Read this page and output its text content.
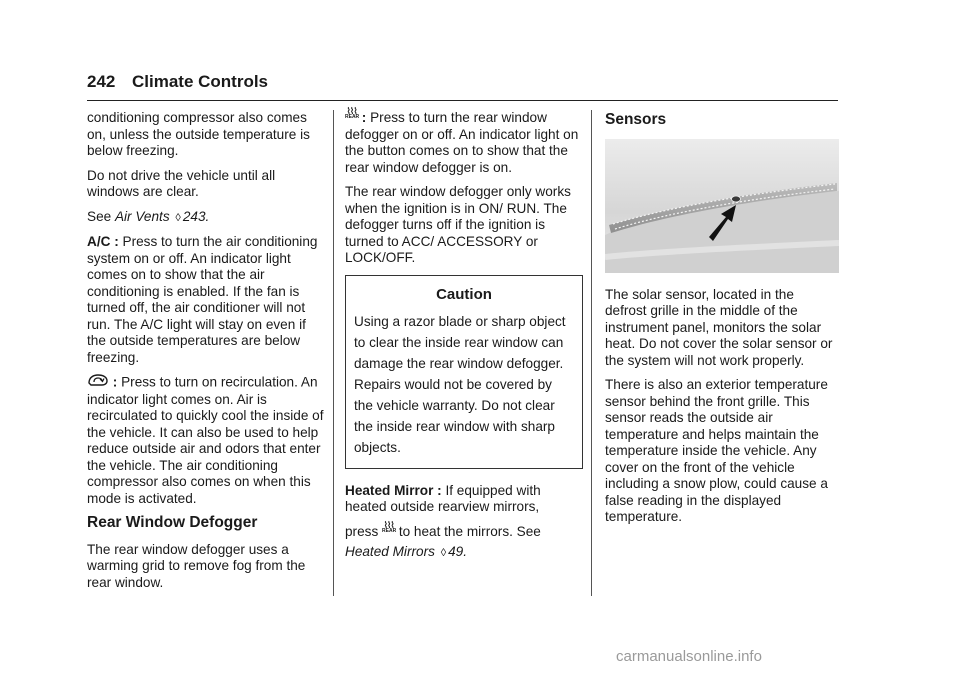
242 Climate Controls

conditioning compressor also comes on, unless the outside temperature is below freezing.

Do not drive the vehicle until all windows are clear.

See Air Vents ◊ 243.

A/C : Press to turn the air conditioning system on or off. An indicator light comes on to show that the air conditioning is enabled. If the fan is turned off, the air conditioner will not run. The A/C light will stay on even if the outside temperatures are below freezing.

: Press to turn on recirculation. An indicator light comes on. Air is recirculated to quickly cool the inside of the vehicle. It can also be used to help reduce outside air and odors that enter the vehicle. The air conditioning compressor also comes on when this mode is activated.

Rear Window Defogger

The rear window defogger uses a warming grid to remove fog from the rear window.

⌇⌇⌇
REAR : Press to turn the rear window defogger on or off. An indicator light on the button comes on to show that the rear window defogger is on.

The rear window defogger only works when the ignition is in ON/ RUN. The defogger turns off if the ignition is turned to ACC/ ACCESSORY or LOCK/OFF.

Caution
Using a razor blade or sharp object to clear the inside rear window can damage the rear window defogger. Repairs would not be covered by the vehicle warranty. Do not clear the inside rear window with sharp objects.

Heated Mirror : If equipped with heated outside rearview mirrors,
press ⌇⌇⌇
REAR to heat the mirrors. See
Heated Mirrors ◊ 49.

Sensors

The solar sensor, located in the defrost grille in the middle of the instrument panel, monitors the solar heat. Do not cover the solar sensor or the system will not work properly.

There is also an exterior temperature sensor behind the front grille. This sensor reads the outside air temperature and helps maintain the temperature inside the vehicle. Any cover on the front of the vehicle including a snow plow, could cause a false reading in the displayed temperature.

carmanualsonline.info
